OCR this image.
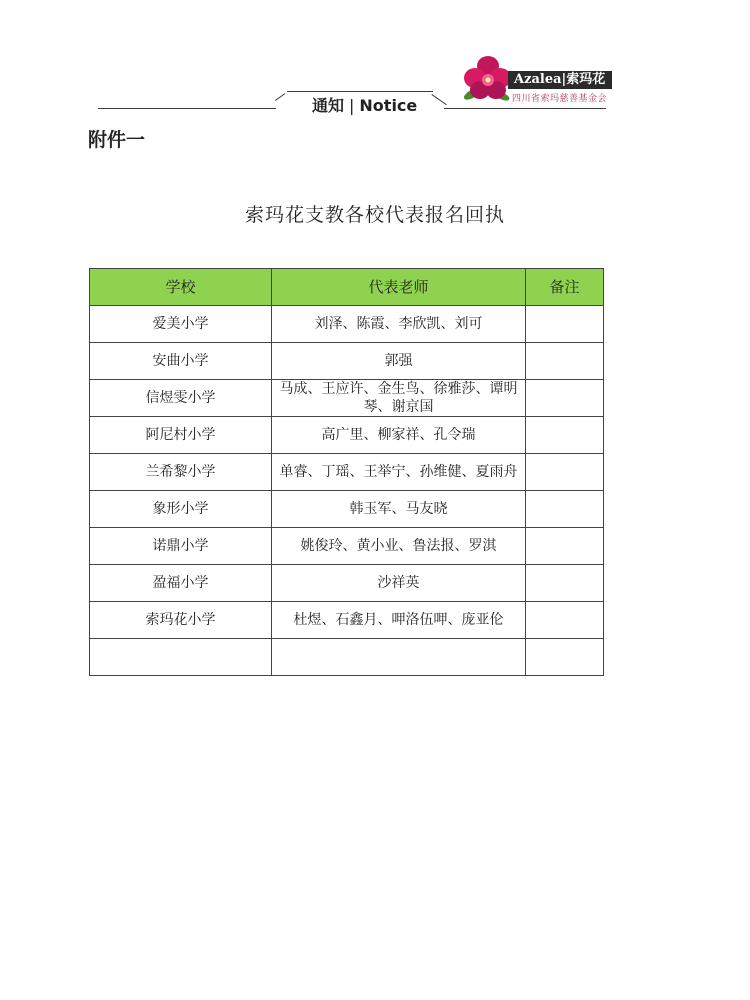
通知 | Notice
Azalea|索玛花
四川省索玛慈善基金会
附件一
索玛花支教各校代表报名回执
学校	代表老师	备注
爱美小学	刘泽、陈霞、李欣凯、刘可	
安曲小学	郭强	
信煜雯小学	马成、王应许、金生鸟、徐雅莎、谭明琴、谢京国	
阿尼村小学	高广里、柳家祥、孔令瑞	
兰希黎小学	单睿、丁瑶、王举宁、孙维健、夏雨舟	
象形小学	韩玉军、马友晓	
诺鼎小学	姚俊玲、黄小业、鲁法报、罗淇	
盈福小学	沙祥英	
索玛花小学	杜煜、石鑫月、呷洛伍呷、庞亚伦	
